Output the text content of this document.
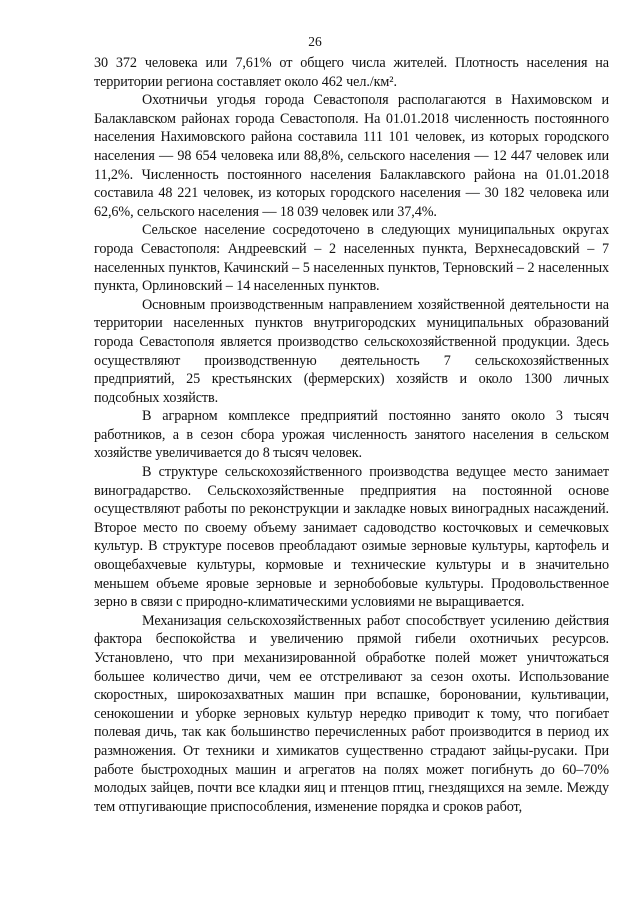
26

30 372 человека или 7,61% от общего числа жителей. Плотность населения на территории региона составляет около 462 чел./км².

Охотничьи угодья города Севастополя располагаются в Нахимовском и Балаклавском районах города Севастополя. На 01.01.2018 численность постоянного населения Нахимовского района составила 111 101 человек, из которых городского населения — 98 654 человека или 88,8%, сельского населения — 12 447 человек или 11,2%. Численность постоянного населения Балаклавского района на 01.01.2018 составила 48 221 человек, из которых городского населения — 30 182 человека или 62,6%, сельского населения — 18 039 человек или 37,4%.

Сельское население сосредоточено в следующих муниципальных округах города Севастополя: Андреевский – 2 населенных пункта, Верхнесадовский – 7 населенных пунктов, Качинский – 5 населенных пунктов, Терновский – 2 населенных пункта, Орлиновский – 14 населенных пунктов.

Основным производственным направлением хозяйственной деятельности на территории населенных пунктов внутригородских муниципальных образований города Севастополя является производство сельскохозяйственной продукции. Здесь осуществляют производственную деятельность 7 сельскохозяйственных предприятий, 25 крестьянских (фермерских) хозяйств и около 1300 личных подсобных хозяйств.

В аграрном комплексе предприятий постоянно занято около 3 тысяч работников, а в сезон сбора урожая численность занятого населения в сельском хозяйстве увеличивается до 8 тысяч человек.

В структуре сельскохозяйственного производства ведущее место занимает виноградарство. Сельскохозяйственные предприятия на постоянной основе осуществляют работы по реконструкции и закладке новых виноградных насаждений. Второе место по своему объему занимает садоводство косточковых и семечковых культур. В структуре посевов преобладают озимые зерновые культуры, картофель и овощебахчевые культуры, кормовые и технические культуры и в значительно меньшем объеме яровые зерновые и зернобобовые культуры. Продовольственное зерно в связи с природно-климатическими условиями не выращивается.

Механизация сельскохозяйственных работ способствует усилению действия фактора беспокойства и увеличению прямой гибели охотничьих ресурсов. Установлено, что при механизированной обработке полей может уничтожаться большее количество дичи, чем ее отстреливают за сезон охоты. Использование скоростных, широкозахватных машин при вспашке, бороновании, культивации, сенокошении и уборке зерновых культур нередко приводит к тому, что погибает полевая дичь, так как большинство перечисленных работ производится в период их размножения. От техники и химикатов существенно страдают зайцы-русаки. При работе быстроходных машин и агрегатов на полях может погибнуть до 60–70% молодых зайцев, почти все кладки яиц и птенцов птиц, гнездящихся на земле. Между тем отпугивающие приспособления, изменение порядка и сроков работ,
